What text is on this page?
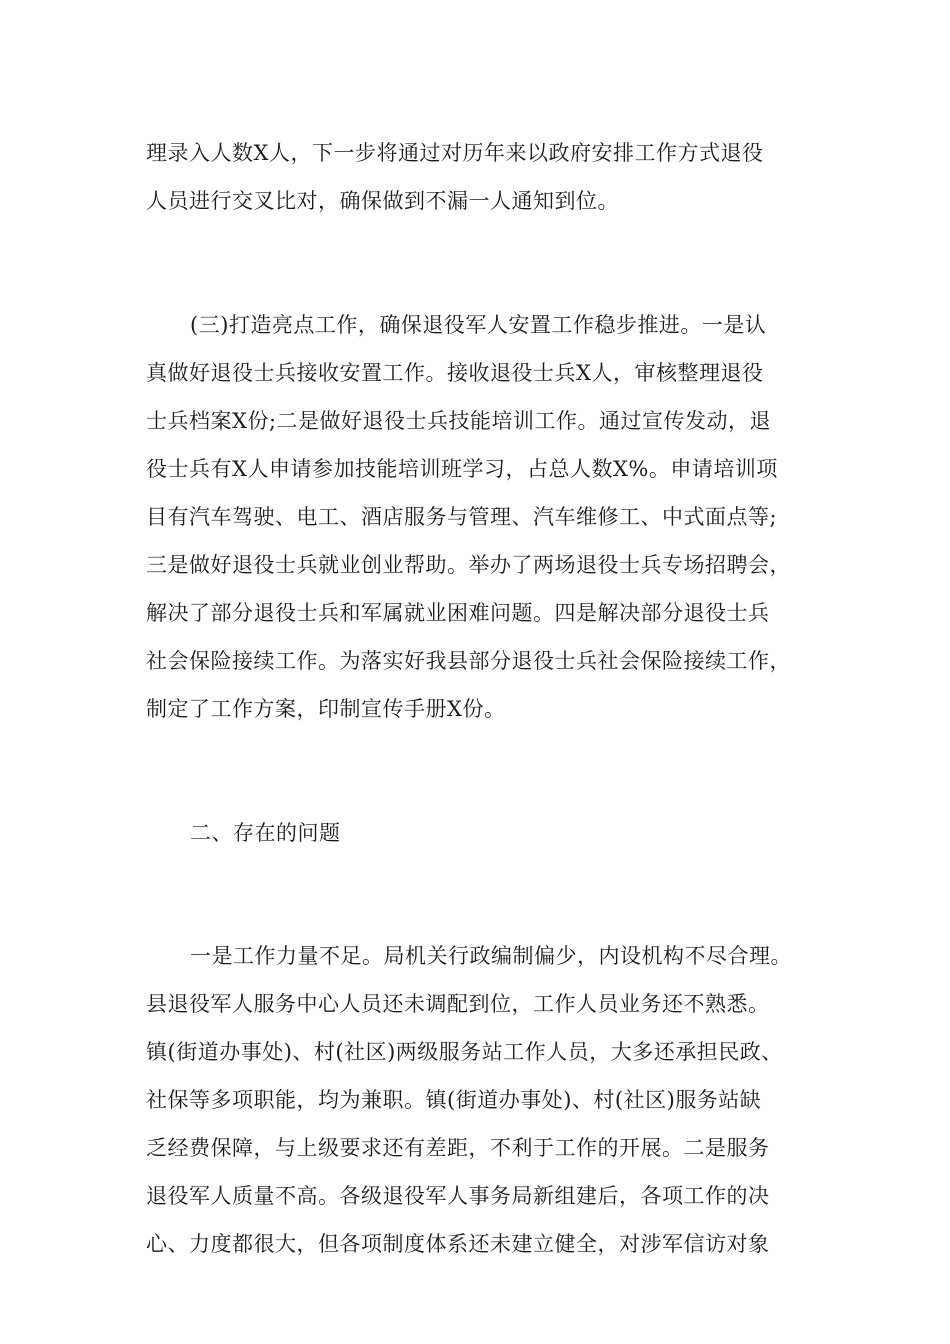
理录入人数X人，下一步将通过对历年来以政府安排工作方式退役
人员进行交叉比对，确保做到不漏一人通知到位。
(三)打造亮点工作，确保退役军人安置工作稳步推进。一是认
真做好退役士兵接收安置工作。接收退役士兵X人，审核整理退役
士兵档案X份;二是做好退役士兵技能培训工作。通过宣传发动，退
役士兵有X人申请参加技能培训班学习，占总人数X%。申请培训项
目有汽车驾驶、电工、酒店服务与管理、汽车维修工、中式面点等;
三是做好退役士兵就业创业帮助。举办了两场退役士兵专场招聘会，
解决了部分退役士兵和军属就业困难问题。四是解决部分退役士兵
社会保险接续工作。为落实好我县部分退役士兵社会保险接续工作，
制定了工作方案，印制宣传手册X份。
二、存在的问题
一是工作力量不足。局机关行政编制偏少，内设机构不尽合理。
县退役军人服务中心人员还未调配到位，工作人员业务还不熟悉。
镇(街道办事处)、村(社区)两级服务站工作人员，大多还承担民政、
社保等多项职能，均为兼职。镇(街道办事处)、村(社区)服务站缺
乏经费保障，与上级要求还有差距，不利于工作的开展。二是服务
退役军人质量不高。各级退役军人事务局新组建后，各项工作的决
心、力度都很大，但各项制度体系还未建立健全，对涉军信访对象
